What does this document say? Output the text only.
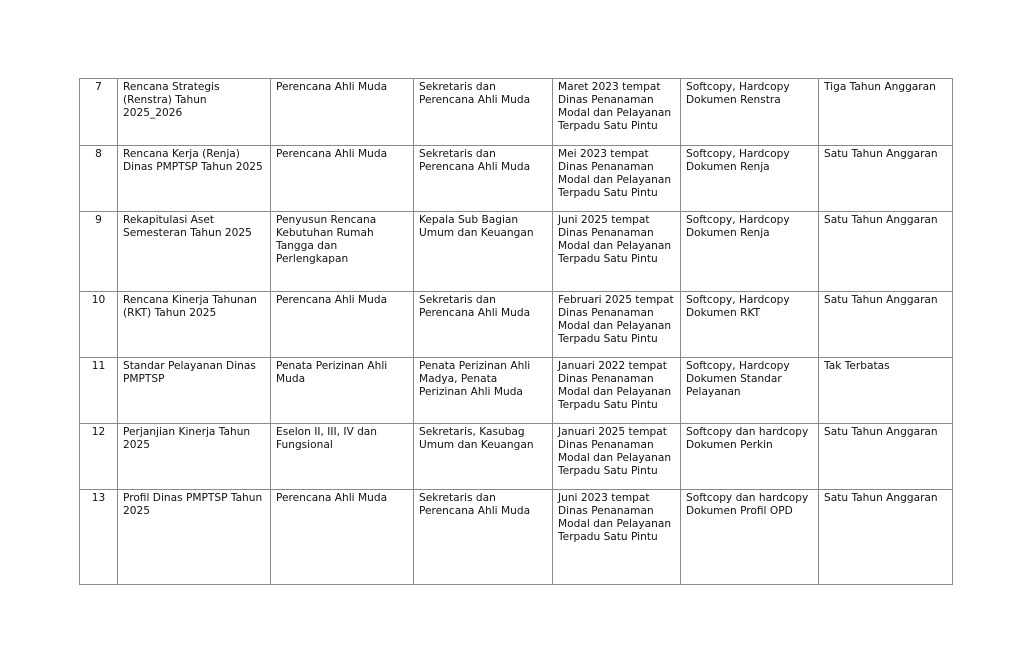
7	Rencana Strategis (Renstra) Tahun 2025_2026	Perencana Ahli Muda	Sekretaris dan Perencana Ahli Muda	Maret 2023 tempat Dinas Penanaman Modal dan Pelayanan Terpadu Satu Pintu	Softcopy, Hardcopy Dokumen Renstra	Tiga Tahun Anggaran
8	Rencana Kerja (Renja) Dinas PMPTSP Tahun 2025	Perencana Ahli Muda	Sekretaris dan Perencana Ahli Muda	Mei 2023 tempat Dinas Penanaman Modal dan Pelayanan Terpadu Satu Pintu	Softcopy, Hardcopy Dokumen Renja	Satu Tahun Anggaran
9	Rekapitulasi Aset Semesteran Tahun 2025	Penyusun Rencana Kebutuhan Rumah Tangga dan Perlengkapan	Kepala Sub Bagian Umum dan Keuangan	Juni 2025 tempat Dinas Penanaman Modal dan Pelayanan Terpadu Satu Pintu	Softcopy, Hardcopy Dokumen Renja	Satu Tahun Anggaran
10	Rencana Kinerja Tahunan (RKT) Tahun 2025	Perencana Ahli Muda	Sekretaris dan Perencana Ahli Muda	Februari 2025 tempat Dinas Penanaman Modal dan Pelayanan Terpadu Satu Pintu	Softcopy, Hardcopy Dokumen RKT	Satu Tahun Anggaran
11	Standar Pelayanan Dinas PMPTSP	Penata Perizinan Ahli Muda	Penata Perizinan Ahli Madya, Penata Perizinan Ahli Muda	Januari 2022 tempat Dinas Penanaman Modal dan Pelayanan Terpadu Satu Pintu	Softcopy, Hardcopy Dokumen Standar Pelayanan	Tak Terbatas
12	Perjanjian Kinerja Tahun 2025	Eselon II, III, IV dan Fungsional	Sekretaris, Kasubag Umum dan Keuangan	Januari 2025 tempat Dinas Penanaman Modal dan Pelayanan Terpadu Satu Pintu	Softcopy dan hardcopy Dokumen Perkin	Satu Tahun Anggaran
13	Profil Dinas PMPTSP Tahun 2025	Perencana Ahli Muda	Sekretaris dan Perencana Ahli Muda	Juni 2023 tempat Dinas Penanaman Modal dan Pelayanan Terpadu Satu Pintu	Softcopy dan hardcopy Dokumen Profil OPD	Satu Tahun Anggaran
